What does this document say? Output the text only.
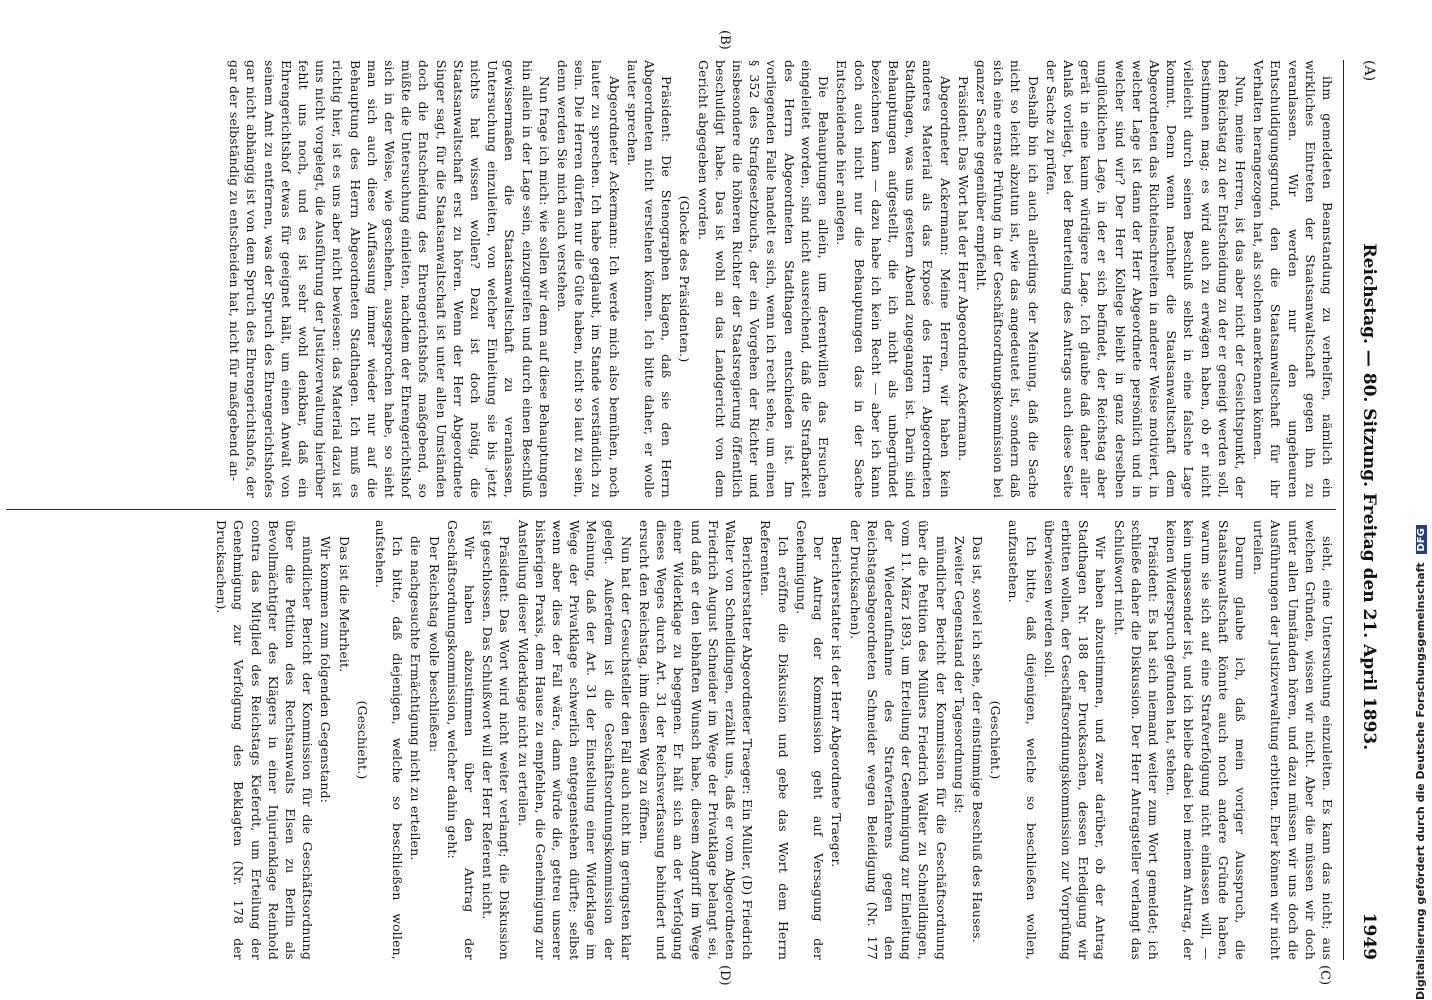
(A)
Reichstag. — 80. Sitzung. Freitag den 21. April 1893.
1949

ihm gemeldeten Beanstandung zu verhelfen, nämlich ein wirkliches Eintreten der Staatsanwaltschaft gegen ihn zu veranlassen. Wir werden nur den ungeheuren Entschuldigungsgrund, den die Staatsanwaltschaft für ihr Verhalten herangezogen hat, als solchen anerkennen können.

Nun, meine Herren, ist das aber nicht der Gesichtspunkt, der den Reichstag zu der Entscheidung zu der er geneigt werden soll, bestimmen mag; es wird auch zu erwägen haben, ob er nicht vielleicht durch seinen Beschluß selbst in eine falsche Lage kommt. Denn wenn nachher die Staatsanwaltschaft dem Abgeordneten das Richteinschreiten in anderer Weise motiviert, in welcher Lage ist dann der Herr Abgeordnete persönlich und in welcher sind wir? Der Herr Kollege bleibt in ganz derselben unglücklichen Lage, in der er sich befindet, der Reichstag aber gerät in eine kaum würdigere Lage. Ich glaube daß daher aller Anlaß vorliegt, bei der Beurteilung des Antrags auch diese Seite der Sache zu prüfen.

Deshalb bin ich auch allerdings der Meinung, daß die Sache nicht so leicht abzutun ist, wie das angedeutet ist, sondern daß sich eine ernste Prüfung in der Geschäftsordnungskommission bei ganzer Sache gegenüber empfiehlt.

Präsident: Das Wort hat der Herr Abgeordnete Ackermann.

Abgeordneter Ackermann: Meine Herren, wir haben kein anderes Material als das Exposé des Herrn Abgeordneten Stadthagen, was uns gestern Abend zugegangen ist. Darin sind Behauptungen aufgestellt, die ich nicht als unbegründet bezeichnen kann — dazu habe ich kein Recht — aber ich kann doch auch nicht nur die Behauptungen das in der Sache Entscheidende hier anlegen.

Die Behauptungen allein, um derentwillen das Ersuchen eingeleitet worden, sind nicht ausreichend, daß die Strafbarkeit des Herrn Abgeordneten Stadthagen entschieden ist. Im vorliegenden Falle handelt es sich, wenn ich recht sehe, um einen § 352 des Strafgesetzbuchs, der ein Vorgehen der Richter und insbesondere die höheren Richter der Staatsregierung öffentlich beschuldigt habe. Das ist wohl an das Landgericht von dem Gericht abgegeben worden.

(Glocke des Präsidenten.)

Präsident: Die Stenographen klagen, daß sie den Herrn Abgeordneten nicht verstehen können. Ich bitte daher, er wolle lauter sprechen.

Abgeordneter Ackermann: Ich werde mich also bemühen, noch lauter zu sprechen. Ich habe geglaubt, im Stande verständlich zu sein. Die Herren dürfen nur die Güte haben, nicht so laut zu sein, denn werden Sie mich auch verstehen.

Nun frage ich mich: wie sollen wir denn auf diese Behauptungen hin allein in der Lage sein, einzugreifen und durch einen Beschluß gewissermaßen die Staatsanwaltschaft zu veranlassen, Untersuchung einzuleiten, von welcher Einleitung sie bis jetzt nichts hat wissen wollen? Dazu ist doch nötig, die Staatsanwaltschaft erst zu hören. Wenn der Herr Abgeordnete Singer sagt, für die Staatsanwaltschaft ist unter allen Umständen doch die Entscheidung des Ehrengerichtshofs maßgebend, so müßte die Untersuchung einleiten, nachdem der Ehrengerichtshof sich in der Weise, wie geschehen, ausgesprochen habe, so sieht man sich auch diese Auffassung immer wieder nur auf die Behauptung des Herrn Abgeordneten Stadthagen. Ich muß es richtig hier, ist es uns aber nicht bewiesen: das Material dazu ist uns nicht vorgelegt, die Ausführung der Justizverwaltung hierüber fehlt uns noch, und es ist sehr wohl denkbar, daß ein Ehrengerichtshof etwas für geeignet hält, um einen Anwalt von seinem Amt zu entfernen, was der Spruch des Ehrengerichtshofes gar nicht abhängig ist von dem Spruch des Ehrengerichtshofs, der gar der selbständig zu entscheiden hat, nicht für maßgebend an-

sieht, eine Untersuchung einzuleiten. Es kann das nicht; aus welchen Gründen, wissen wir nicht. Aber die müssen wir doch unter allen Umständen hören, und dazu müssen wir uns doch die Ausführungen der Justizverwaltung erbitten. Eher können wir nicht urteilen.

Darum glaube ich, daß mein voriger Ausspruch, die Staatsanwaltschaft könnte auch noch andere Gründe haben, warum sie sich auf eine Strafverfolgung nicht einlassen will, — kein unpassender ist, und ich bleibe dabei bei meinem Antrag, der keinen Widerspruch gefunden hat, stehen.

Präsident: Es hat sich niemand weiter zum Wort gemeldet; ich schließe daher die Diskussion. Der Herr Antragsteller verlangt das Schlußwort nicht.

Wir haben abzustimmen, und zwar darüber, ob der Antrag Stadthagen Nr. 188 der Drucksachen, dessen Erledigung wir erbitten wollen, der Geschäftsordnungskommission zur Vorprüfung überwiesen werden soll.

Ich bitte, daß diejenigen, welche so beschließen wollen, aufzustehen.

(Geschieht.)

Das ist, soviel ich sehe, der einstimmige Beschluß des Hauses.

Zweiter Gegenstand der Tagesordnung ist:

mündlicher Bericht der Kommission für die Geschäftsordnung über die Petition des Müllers Friedrich Walter zu Schnelldingen, vom 11. März 1893, um Erteilung der Genehmigung zur Einleitung der Wiederaufnahme des Strafverfahrens gegen den Reichstagsabgeordneten Schneider wegen Beleidigung (Nr. 177 der Drucksachen).

Berichterstatter ist der Herr Abgeordnete Traeger.

Der Antrag der Kommission geht auf Versagung der Genehmigung.

Ich eröffne die Diskussion und gebe das Wort dem Herrn Referenten.

Berichterstatter Abgeordneter Traeger: Ein Müller, (D) Friedrich Walter von Schnelldingen, erzählt uns, daß er vom Abgeordneten Friedrich August Schneider im Wege der Privatklage belangt sei, und daß er den lebhaften Wunsch habe, diesem Angriff im Wege einer Widerklage zu begegnen. Er hält sich an der Verfolgung dieses Weges durch Art. 31 der Reichsverfassung behindert und ersucht den Reichstag, ihm diesen Weg zu öffnen.

Nun hat der Gesuchsteller den Fall auch nicht im geringsten klar gelegt. Außerdem ist die Geschäftsordnungskommission der Meinung, daß der Art. 31 der Einstellung einer Widerklage im Wege der Privatklage schwerlich entgegenstehen dürfte; selbst wenn aber dies der Fall wäre, dann würde die, getreu unserer bisherigen Praxis, dem Hause zu empfehlen, die Genehmigung zur Anstellung dieser Widerklage nicht zu erteilen.

Präsident: Das Wort wird nicht weiter verlangt; die Diskussion ist geschlossen. Das Schlußwort will der Herr Referent nicht.

Wir haben abzustimmen über den Antrag der Geschäftsordnungskommission, welcher dahin geht:

Der Reichstag wolle beschließen:

die nachgesuchte Ermächtigung nicht zu erteilen.

Ich bitte, daß diejenigen, welche so beschließen wollen, aufstehen.

(Geschieht.)

Das ist die Mehrheit.

Wir kommen zum folgenden Gegenstand:

mündlicher Bericht der Kommission für die Geschäftsordnung über die Petition des Rechtsanwalts Elsen zu Berlin als Bevollmächtigter des Klägers in einer Injurienklage Reinhold contra das Mitglied des Reichstags Kieferdt, um Erteilung der Genehmigung zur Verfolgung des Beklagten (Nr. 178 der Drucksachen).

(B)
(C)
(D)	Digitalisierung gefördert durch die Deutsche Forschungsgemeinschaft DFG
